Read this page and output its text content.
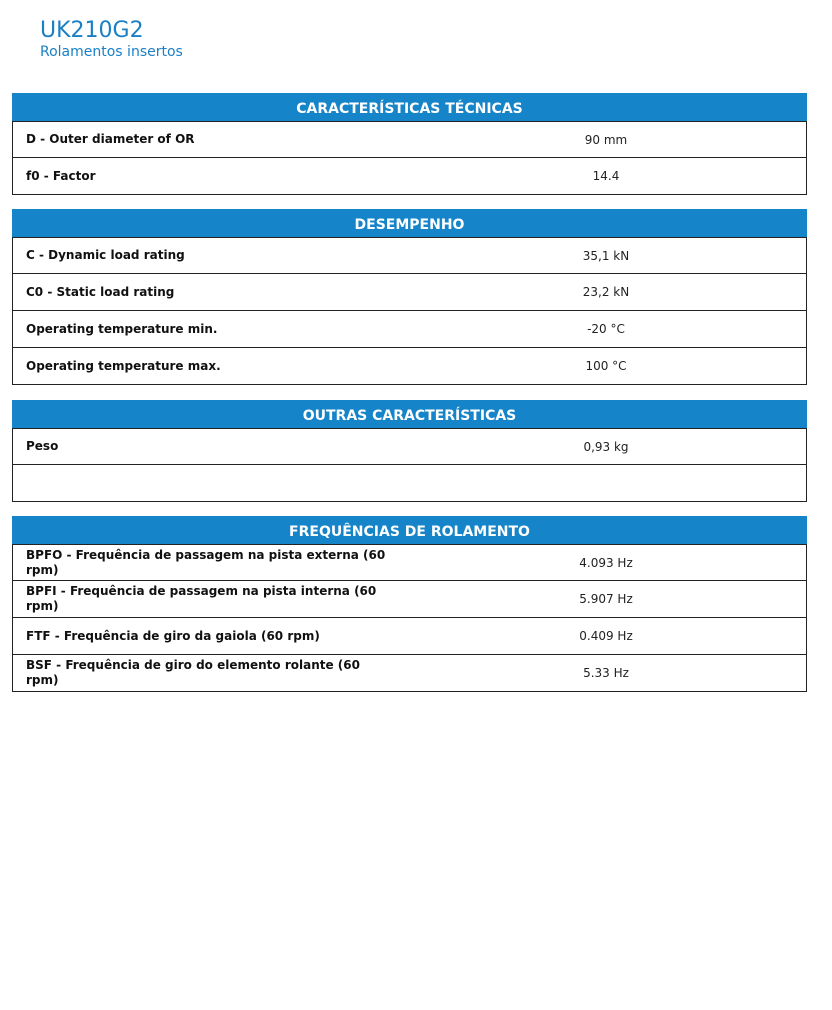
UK210G2
Rolamentos insertos
CARACTERÍSTICAS TÉCNICAS
D - Outer diameter of OR	90 mm
f0 - Factor	14.4
DESEMPENHO
C - Dynamic load rating	35,1 kN
C0 - Static load rating	23,2 kN
Operating temperature min.	-20 °C
Operating temperature max.	100 °C
OUTRAS CARACTERÍSTICAS
Peso	0,93 kg
FREQUÊNCIAS DE ROLAMENTO
BPFO - Frequência de passagem na pista externa (60 rpm)	4.093 Hz
BPFI - Frequência de passagem na pista interna (60 rpm)	5.907 Hz
FTF - Frequência de giro da gaiola (60 rpm)	0.409 Hz
BSF - Frequência de giro do elemento rolante (60 rpm)	5.33 Hz
